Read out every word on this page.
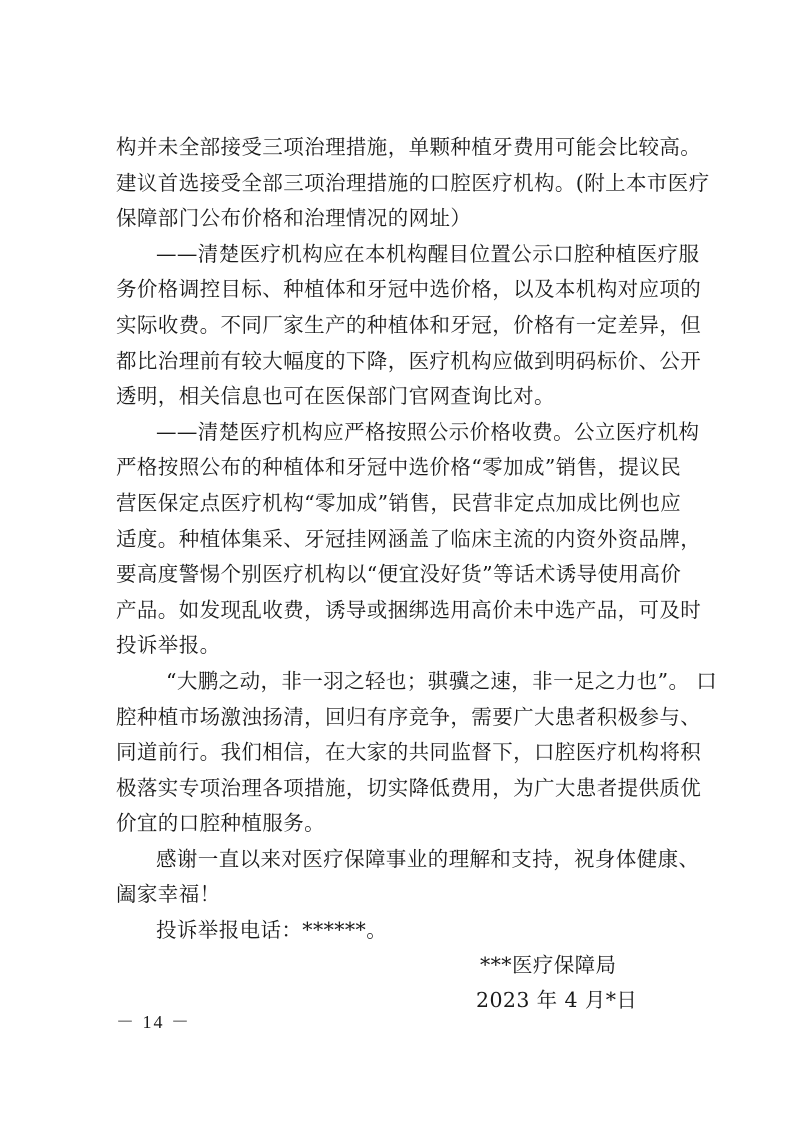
构并未全部接受三项治理措施，单颗种植牙费用可能会比较高。
建议首选接受全部三项治理措施的口腔医疗机构。(附上本市医疗
保障部门公布价格和治理情况的网址）
——清楚医疗机构应在本机构醒目位置公示口腔种植医疗服
务价格调控目标、种植体和牙冠中选价格，以及本机构对应项的
实际收费。不同厂家生产的种植体和牙冠，价格有一定差异，但
都比治理前有较大幅度的下降，医疗机构应做到明码标价、公开
透明，相关信息也可在医保部门官网查询比对。
——清楚医疗机构应严格按照公示价格收费。公立医疗机构
严格按照公布的种植体和牙冠中选价格“零加成”销售，提议民
营医保定点医疗机构“零加成”销售，民营非定点加成比例也应
适度。种植体集采、牙冠挂网涵盖了临床主流的内资外资品牌，
要高度警惕个别医疗机构以“便宜没好货”等话术诱导使用高价
产品。如发现乱收费，诱导或捆绑选用高价未中选产品，可及时
投诉举报。
“大鹏之动，非一羽之轻也；骐骥之速，非一足之力也”。 口
腔种植市场激浊扬清，回归有序竞争，需要广大患者积极参与、
同道前行。我们相信，在大家的共同监督下，口腔医疗机构将积
极落实专项治理各项措施，切实降低费用，为广大患者提供质优
价宜的口腔种植服务。
感谢一直以来对医疗保障事业的理解和支持，祝身体健康、
阖家幸福！
投诉举报电话：******。
***医疗保障局
2023 年 4 月*日
－ 14 －
